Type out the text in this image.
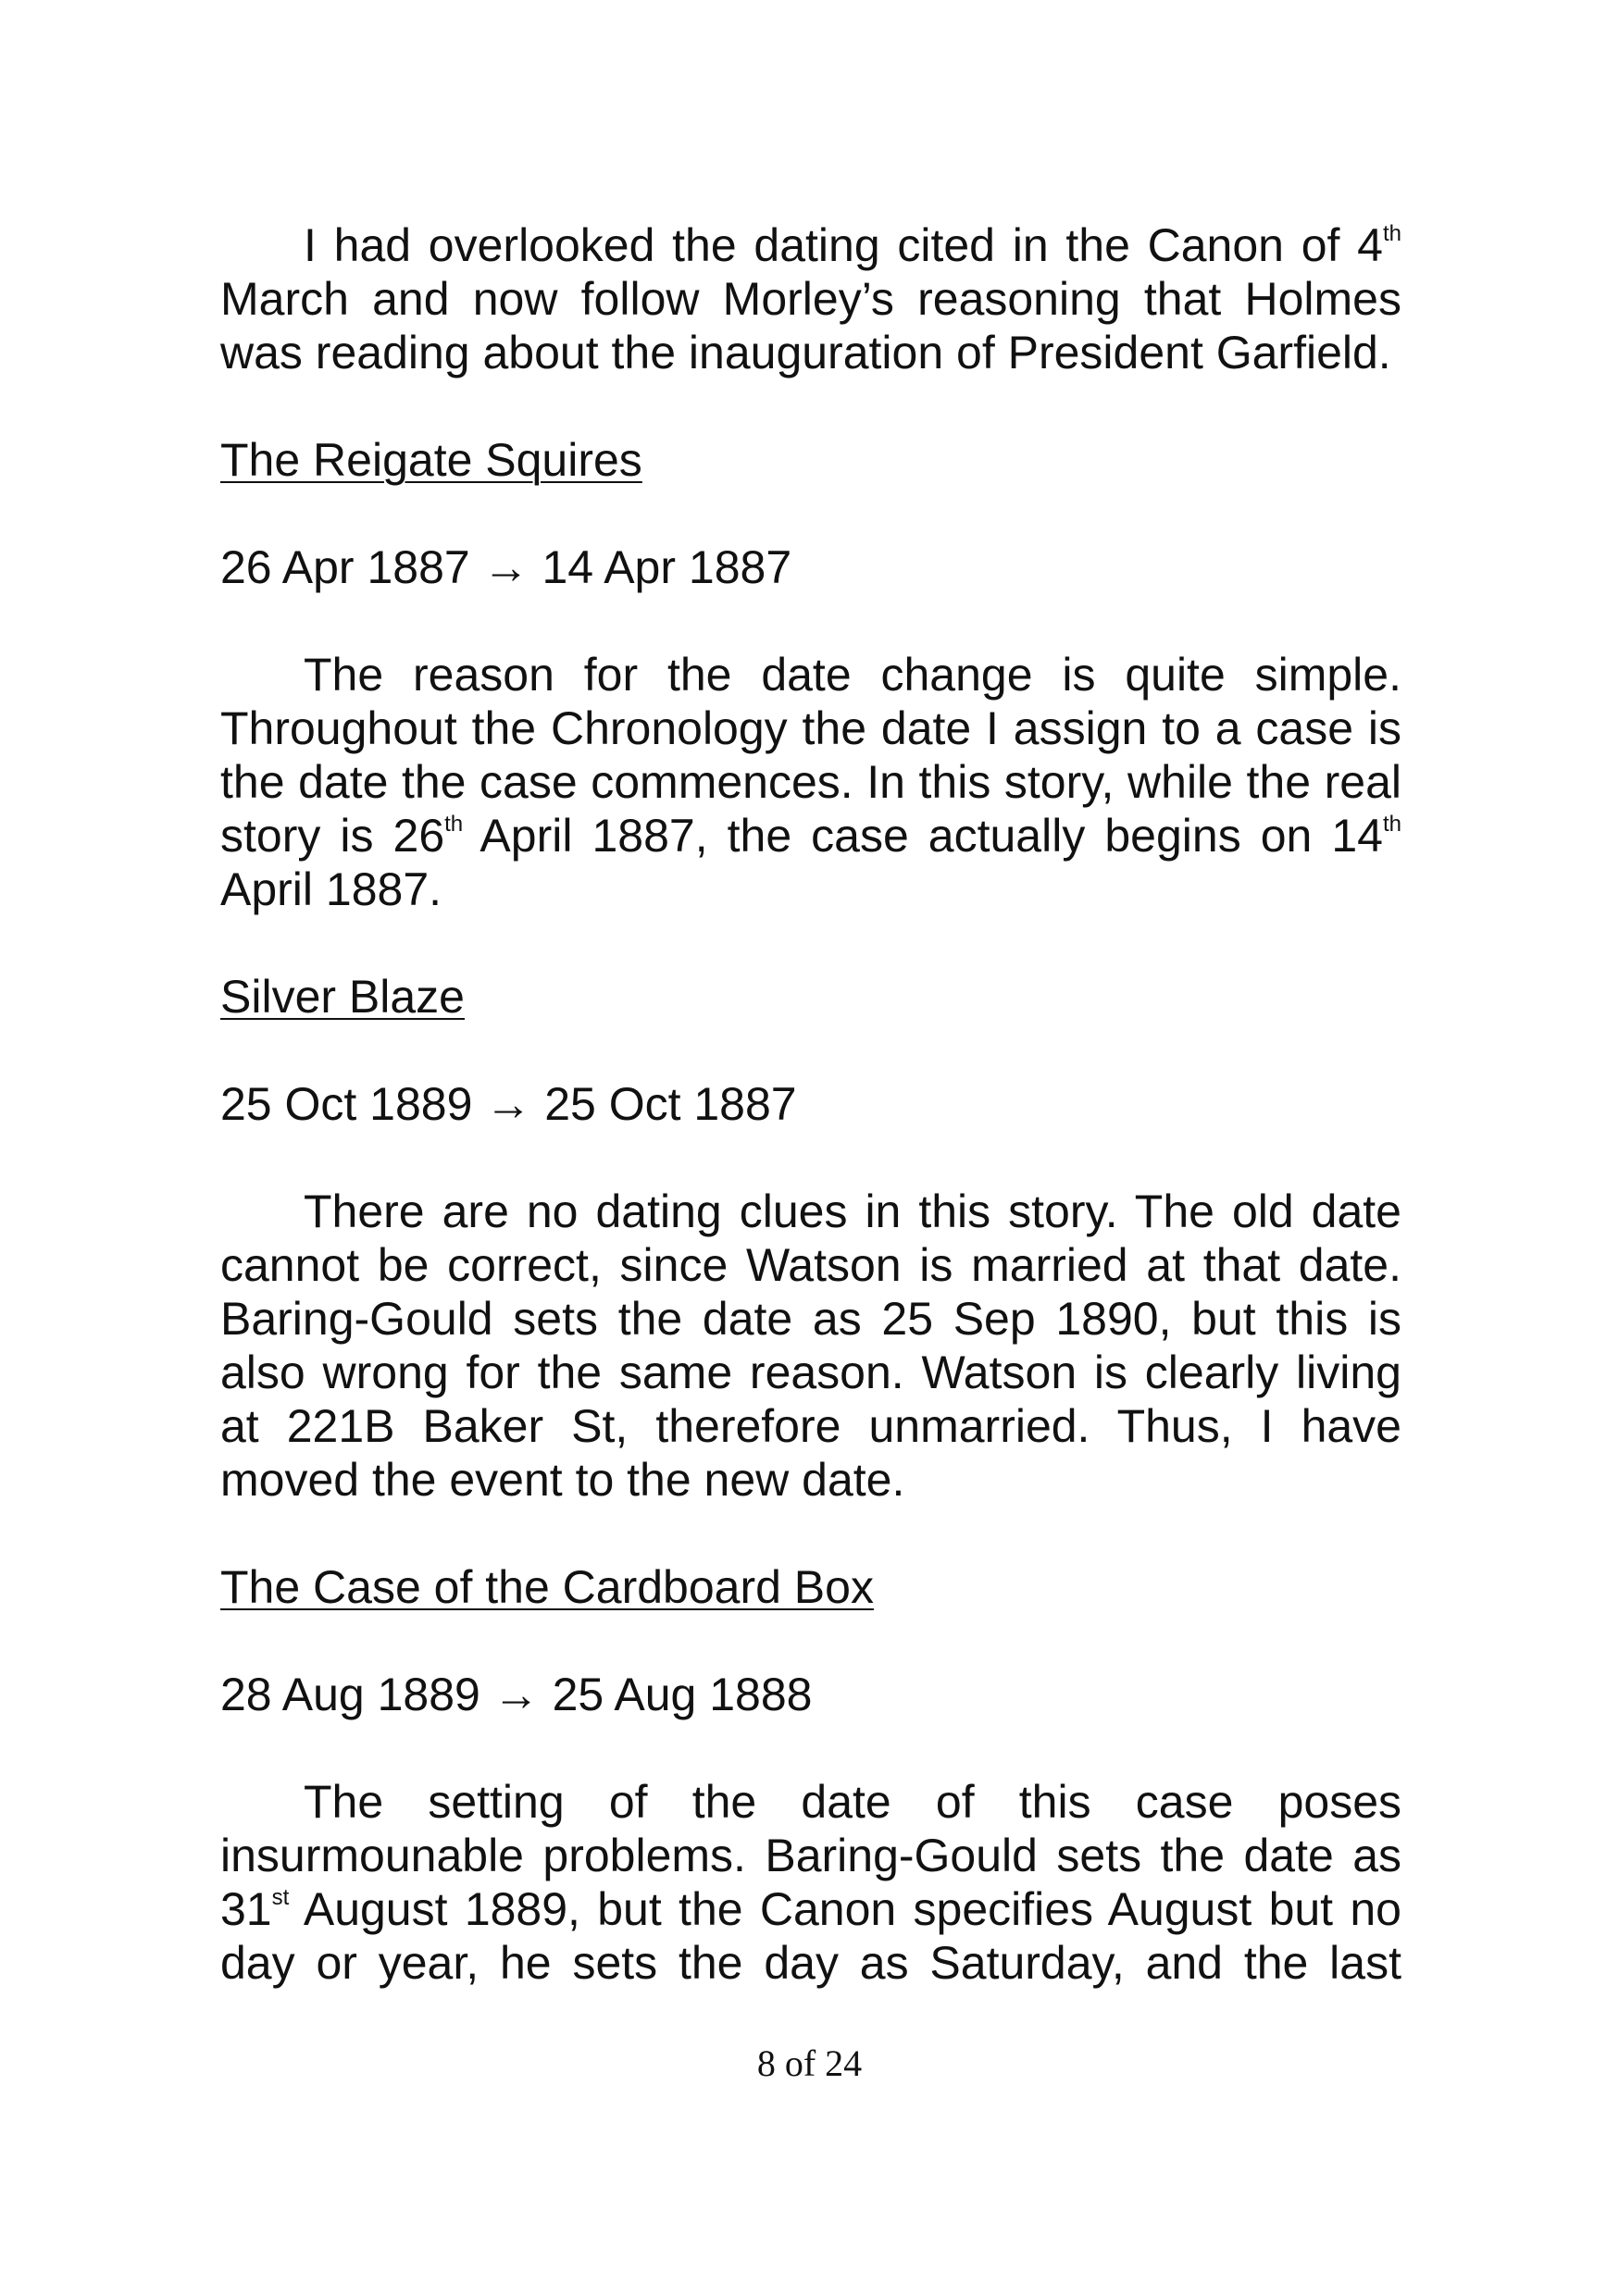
I had overlooked the dating cited in the Canon of 4th March and now follow Morley’s reasoning that Holmes was reading about the inauguration of President Garfield.

The Reigate Squires

26 Apr 1887 → 14 Apr 1887

The reason for the date change is quite simple. Throughout the Chronology the date I assign to a case is the date the case commences. In this story, while the real story is 26th April 1887, the case actually begins on 14th April 1887.

Silver Blaze

25 Oct 1889 → 25 Oct 1887

There are no dating clues in this story. The old date cannot be correct, since Watson is married at that date. Baring-Gould sets the date as 25 Sep 1890, but this is also wrong for the same reason. Watson is clearly living at 221B Baker St, therefore unmarried. Thus, I have moved the event to the new date.

The Case of the Cardboard Box

28 Aug 1889 → 25 Aug 1888

The setting of the date of this case poses insurmounable problems. Baring-Gould sets the date as 31st August 1889, but the Canon specifies August but no day or year, he sets the day as Saturday, and the last

8 of 24
